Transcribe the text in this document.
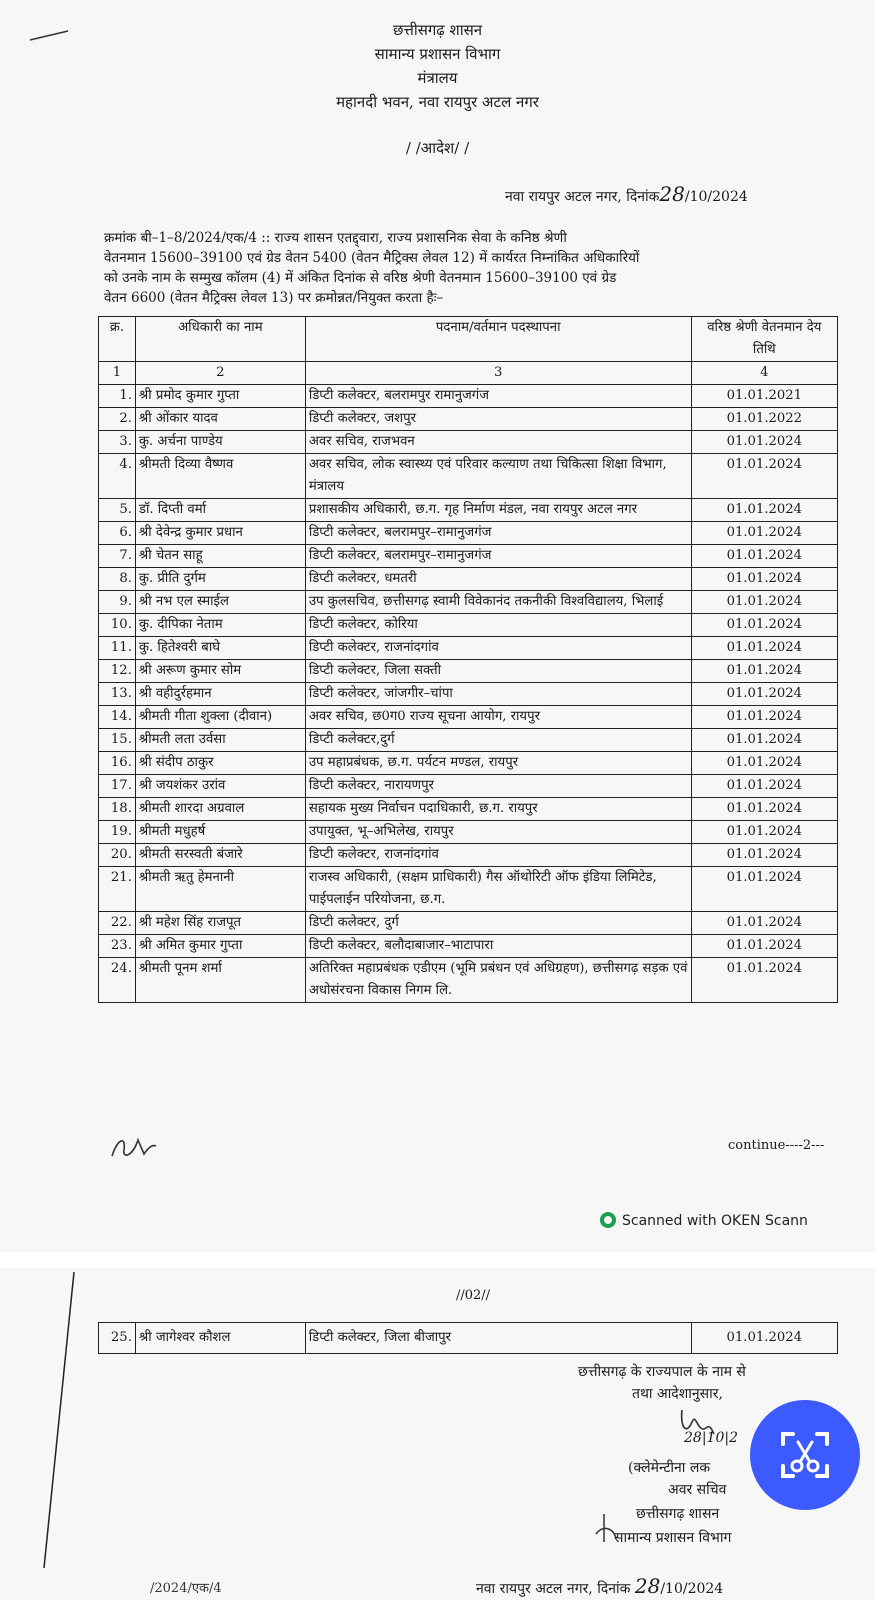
छत्तीसगढ़ शासन
सामान्य प्रशासन विभाग
मंत्रालय
महानदी भवन, नवा रायपुर अटल नगर
/ /आदेश/ /
नवा रायपुर अटल नगर, दिनांक28/10/2024
क्रमांक बी–1–8/2024/एक/4 :: राज्य शासन एतद्द्वारा, राज्य प्रशासनिक सेवा के कनिष्ठ श्रेणी
वेतनमान 15600–39100 एवं ग्रेड वेतन 5400 (वेतन मैट्रिक्स लेवल 12) में कार्यरत निम्नांकित अधिकारियों
को उनके नाम के सम्मुख कॉलम (4) में अंकित दिनांक से वरिष्ठ श्रेणी वेतनमान 15600–39100 एवं ग्रेड
वेतन 6600 (वेतन मैट्रिक्स लेवल 13) पर क्रमोन्नत/नियुक्त करता हैः–
क्र.	अधिकारी का नाम	पदनाम/वर्तमान पदस्थापना	वरिष्ठ श्रेणी वेतनमान देय तिथि
1	2	3	4
1.	श्री प्रमोद कुमार गुप्ता	डिप्टी कलेक्टर, बलरामपुर रामानुजगंज	01.01.2021
2.	श्री ओंकार यादव	डिप्टी कलेक्टर, जशपुर	01.01.2022
3.	कु. अर्चना पाण्डेय	अवर सचिव, राजभवन	01.01.2024
4.	श्रीमती दिव्या वैष्णव	अवर सचिव, लोक स्वास्थ्य एवं परिवार कल्याण तथा चिकित्सा शिक्षा विभाग, मंत्रालय	01.01.2024
5.	डॉ. दिप्ती वर्मा	प्रशासकीय अधिकारी, छ.ग. गृह निर्माण मंडल, नवा रायपुर अटल नगर	01.01.2024
6.	श्री देवेन्द्र कुमार प्रधान	डिप्टी कलेक्टर, बलरामपुर–रामानुजगंज	01.01.2024
7.	श्री चेतन साहू	डिप्टी कलेक्टर, बलरामपुर–रामानुजगंज	01.01.2024
8.	कु. प्रीति दुर्गम	डिप्टी कलेक्टर, धमतरी	01.01.2024
9.	श्री नभ एल स्माईल	उप कुलसचिव, छत्तीसगढ़ स्वामी विवेकानंद तकनीकी विश्वविद्यालय, भिलाई	01.01.2024
10.	कु. दीपिका नेताम	डिप्टी कलेक्टर, कोरिया	01.01.2024
11.	कु. हितेश्वरी बाघे	डिप्टी कलेक्टर, राजनांदगांव	01.01.2024
12.	श्री अरूण कुमार सोम	डिप्टी कलेक्टर, जिला सक्ती	01.01.2024
13.	श्री वहीदुर्रहमान	डिप्टी कलेक्टर, जांजगीर–चांपा	01.01.2024
14.	श्रीमती गीता शुक्ला (दीवान)	अवर सचिव, छ0ग0 राज्य सूचना आयोग, रायपुर	01.01.2024
15.	श्रीमती लता उर्वसा	डिप्टी कलेक्टर,दुर्ग	01.01.2024
16.	श्री संदीप ठाकुर	उप महाप्रबंधक, छ.ग. पर्यटन मण्डल, रायपुर	01.01.2024
17.	श्री जयशंकर उरांव	डिप्टी कलेक्टर, नारायणपुर	01.01.2024
18.	श्रीमती शारदा अग्रवाल	सहायक मुख्य निर्वाचन पदाधिकारी, छ.ग. रायपुर	01.01.2024
19.	श्रीमती मधुहर्ष	उपायुक्त, भू–अभिलेख, रायपुर	01.01.2024
20.	श्रीमती सरस्वती बंजारे	डिप्टी कलेक्टर, राजनांदगांव	01.01.2024
21.	श्रीमती ऋतु हेमनानी	राजस्व अधिकारी, (सक्षम प्राधिकारी) गैस ऑथोरिटी ऑफ इंडिया लिमिटेड, पाईपलाईन परियोजना, छ.ग.	01.01.2024
22.	श्री महेश सिंह राजपूत	डिप्टी कलेक्टर, दुर्ग	01.01.2024
23.	श्री अमित कुमार गुप्ता	डिप्टी कलेक्टर, बलौदाबाजार–भाटापारा	01.01.2024
24.	श्रीमती पूनम शर्मा	अतिरिक्त महाप्रबंधक एडीएम (भूमि प्रबंधन एवं अधिग्रहण), छत्तीसगढ़ सड़क एवं अधोसंरचना विकास निगम लि.	01.01.2024
continue----2---
Scanned with OKEN Scann
//02//
25.	श्री जागेश्वर कौशल	डिप्टी कलेक्टर, जिला बीजापुर	01.01.2024
छत्तीसगढ़ के राज्यपाल के नाम से
तथा आदेशानुसार,
28|10|2
(क्लेमेन्टीना लक
अवर सचिव
छत्तीसगढ़ शासन
सामान्य प्रशासन विभाग
/2024/एक/4	नवा रायपुर अटल नगर, दिनांक 28/10/2024
